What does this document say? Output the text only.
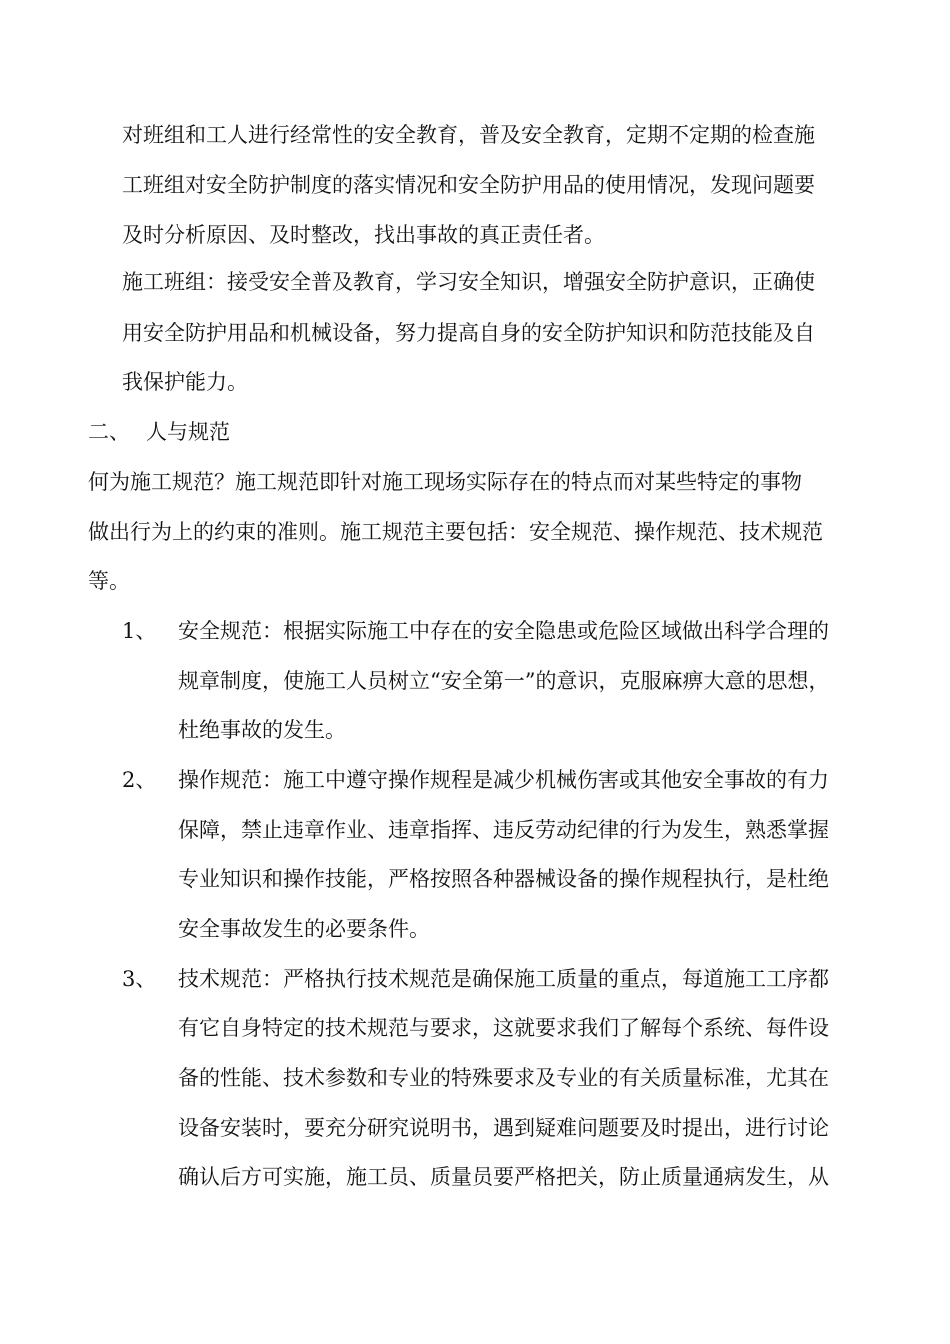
对班组和工人进行经常性的安全教育，普及安全教育，定期不定期的检查施
工班组对安全防护制度的落实情况和安全防护用品的使用情况，发现问题要
及时分析原因、及时整改，找出事故的真正责任者。
施工班组：接受安全普及教育，学习安全知识，增强安全防护意识，正确使
用安全防护用品和机械设备，努力提高自身的安全防护知识和防范技能及自
我保护能力。
二、 人与规范
何为施工规范？施工规范即针对施工现场实际存在的特点而对某些特定的事物
做出行为上的约束的准则。施工规范主要包括：安全规范、操作规范、技术规范
等。
1、 安全规范：根据实际施工中存在的安全隐患或危险区域做出科学合理的
规章制度，使施工人员树立“安全第一”的意识，克服麻痹大意的思想，
杜绝事故的发生。
2、 操作规范：施工中遵守操作规程是减少机械伤害或其他安全事故的有力
保障，禁止违章作业、违章指挥、违反劳动纪律的行为发生，熟悉掌握
专业知识和操作技能，严格按照各种器械设备的操作规程执行，是杜绝
安全事故发生的必要条件。
3、 技术规范：严格执行技术规范是确保施工质量的重点，每道施工工序都
有它自身特定的技术规范与要求，这就要求我们了解每个系统、每件设
备的性能、技术参数和专业的特殊要求及专业的有关质量标准，尤其在
设备安装时，要充分研究说明书，遇到疑难问题要及时提出，进行讨论
确认后方可实施，施工员、质量员要严格把关，防止质量通病发生，从
